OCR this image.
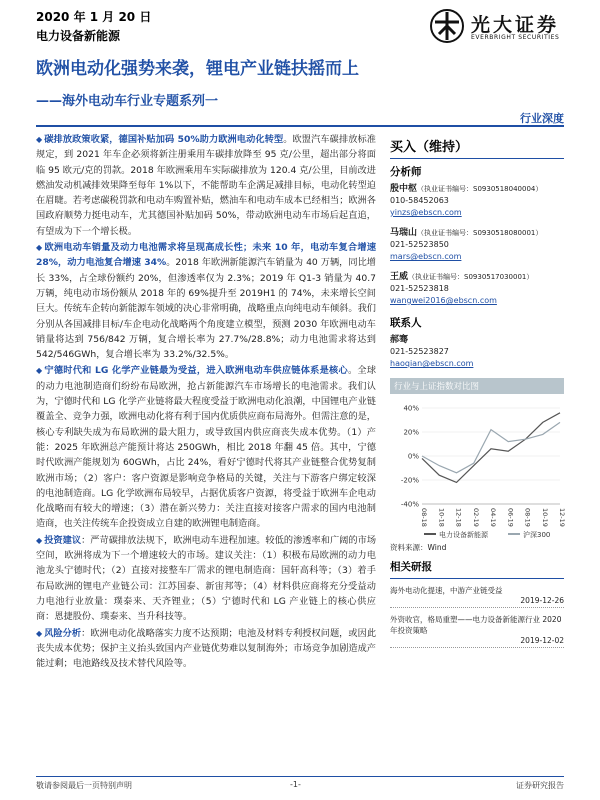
2020 年 1 月 20 日
电力设备新能源	光大证券
EVERBRIGHT SECURITIES
欧洲电动化强势来袭，锂电产业链扶摇而上
——海外电动车行业专题系列一
行业深度

◆ 碳排放政策收紧，德国补贴加码 50%助力欧洲电动化转型。欧盟汽车碳排放标准规定，到 2021 年车企必须将新注册乘用车碳排放降至 95 克/公里，超出部分将面临 95 欧元/克的罚款。2018 年欧洲乘用车实际碳排放为 120.4 克/公里，目前改进燃油发动机减排效果降至每年 1%以下，不能帮助车企满足减排目标，电动化转型迫在眉睫。若考虑碳税罚款和电动车购置补贴，燃油车和电动车成本已经相当；欧洲各国政府顺势力挺电动车，尤其德国补贴加码 50%，带动欧洲电动车市场后起直追，有望成为下一个增长极。

◆ 欧洲电动车销量及动力电池需求将呈现高成长性；未来 10 年，电动车复合增速 28%，动力电池复合增速 34%。2018 年欧洲新能源汽车销量为 40 万辆，同比增长 33%，占全球份额约 20%，但渗透率仅为 2.3%；2019 年 Q1-3 销量为 40.7 万辆，纯电动市场份额从 2018 年的 69%提升至 2019H1 的 74%，未来增长空间巨大。传统车企转向新能源车领域的决心非常明确，战略重点向纯电动车倾斜。我们分别从各国减排目标/车企电动化战略两个角度建立模型，预测 2030 年欧洲电动车销量将达到 756/842 万辆，复合增长率为 27.7%/28.8%；动力电池需求将达到 542/546GWh，复合增长率为 33.2%/32.5%。

◆ 宁德时代和 LG 化学产业链最为受益，进入欧洲电动车供应链体系是核心。全球的动力电池制造商们纷纷布局欧洲，抢占新能源汽车市场增长的电池需求。我们认为，宁德时代和 LG 化学产业链将最大程度受益于欧洲电动化浪潮，中国锂电产业链覆盖全、竞争力强，欧洲电动化将有利于国内优质供应商布局海外。但需注意的是，核心专利缺失成为布局欧洲的最大阻力，或导致国内供应商丧失成本优势。（1）产能：2025 年欧洲总产能预计将达 250GWh，相比 2018 年翻 45 倍。其中，宁德时代欧洲产能规划为 60GWh，占比 24%，看好宁德时代将其产业链整合优势复制欧洲市场；（2）客户：客户资源是影响竞争格局的关键，关注与下游客户绑定较深的电池制造商。LG 化学欧洲布局较早，占据优质客户资源，将受益于欧洲车企电动化战略而有较大的增速；（3）潜在新兴势力：关注直接对接客户需求的国内电池制造商，也关注传统车企投资成立自建的欧洲锂电制造商。

◆ 投资建议：严苛碳排放法规下，欧洲电动车进程加速。较低的渗透率和广阔的市场空间，欧洲将成为下一个增速较大的市场。建议关注：（1）积极布局欧洲的动力电池龙头宁德时代；（2）直接对接整车厂需求的锂电制造商：国轩高科等；（3）着手布局欧洲的锂电产业链公司：江苏国泰、新宙邦等；（4）材料供应商将充分受益动力电池行业放量：璞泰来、天齐锂业；（5）宁德时代和 LG 产业链上的核心供应商：恩捷股份、璞泰来、当升科技等。

◆ 风险分析：欧洲电动化战略落实力度不达预期；电池及材料专利授权问题，或因此丧失成本优势；保护主义抬头致国内产业链优势难以复制海外；市场竞争加剧造成产能过剩；电池路线及技术替代风险等。

买入（维持）
分析师
殷中枢（执业证书编号：S0930518040004）
010-58452063
yinzs@ebscn.com
马瑞山（执业证书编号：S0930518080001）
021-52523850
mars@ebscn.com
王威（执业证书编号：S0930517030001）
021-52523818
wangwei2016@ebscn.com
联系人
郝骞
021-52523827
haoqian@ebscn.com
行业与上证指数对比图
-40%
-20%
0%
20%
40%
08-18 10-18 12-18 02-19 04-19 06-19 08-19 10-19 12-19
电力设备新能源	沪深300
资料来源：Wind
相关研报
海外电动化提速，中游产业链受益
2019-12-26
外资收官，格局重塑——电力设备新能源行业 2020 年投资策略
2019-12-02
敬请参阅最后一页特别声明	-1-	证券研究报告
